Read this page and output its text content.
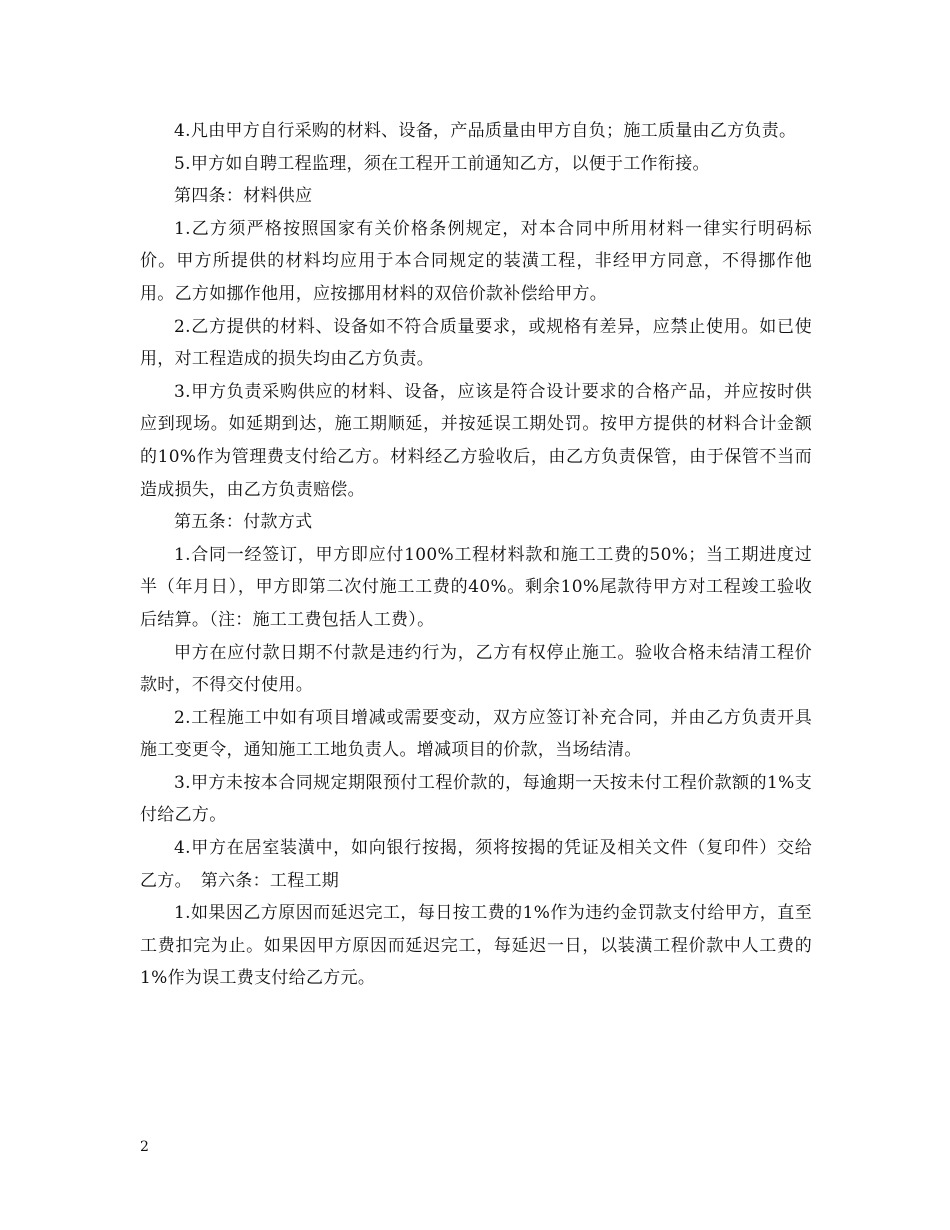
4.凡由甲方自行采购的材料、设备，产品质量由甲方自负；施工质量由乙方负责。

5.甲方如自聘工程监理，须在工程开工前通知乙方，以便于工作衔接。

第四条：材料供应

1.乙方须严格按照国家有关价格条例规定，对本合同中所用材料一律实行明码标价。甲方所提供的材料均应用于本合同规定的装潢工程，非经甲方同意，不得挪作他用。乙方如挪作他用，应按挪用材料的双倍价款补偿给甲方。

2.乙方提供的材料、设备如不符合质量要求，或规格有差异，应禁止使用。如已使用，对工程造成的损失均由乙方负责。

3.甲方负责采购供应的材料、设备，应该是符合设计要求的合格产品，并应按时供应到现场。如延期到达，施工期顺延，并按延误工期处罚。按甲方提供的材料合计金额的10%作为管理费支付给乙方。材料经乙方验收后，由乙方负责保管，由于保管不当而造成损失，由乙方负责赔偿。

第五条：付款方式

1.合同一经签订，甲方即应付100%工程材料款和施工工费的50%；当工期进度过半（年月日），甲方即第二次付施工工费的40%。剩余10%尾款待甲方对工程竣工验收后结算。（注：施工工费包括人工费）。

甲方在应付款日期不付款是违约行为，乙方有权停止施工。验收合格未结清工程价款时，不得交付使用。

2.工程施工中如有项目增减或需要变动，双方应签订补充合同，并由乙方负责开具施工变更令，通知施工工地负责人。增减项目的价款，当场结清。

3.甲方未按本合同规定期限预付工程价款的，每逾期一天按未付工程价款额的1%支付给乙方。

4.甲方在居室装潢中，如向银行按揭，须将按揭的凭证及相关文件（复印件）交给乙方。　第六条：工程工期

1.如果因乙方原因而延迟完工，每日按工费的1%作为违约金罚款支付给甲方，直至工费扣完为止。如果因甲方原因而延迟完工，每延迟一日，以装潢工程价款中人工费的1%作为误工费支付给乙方元。

2
